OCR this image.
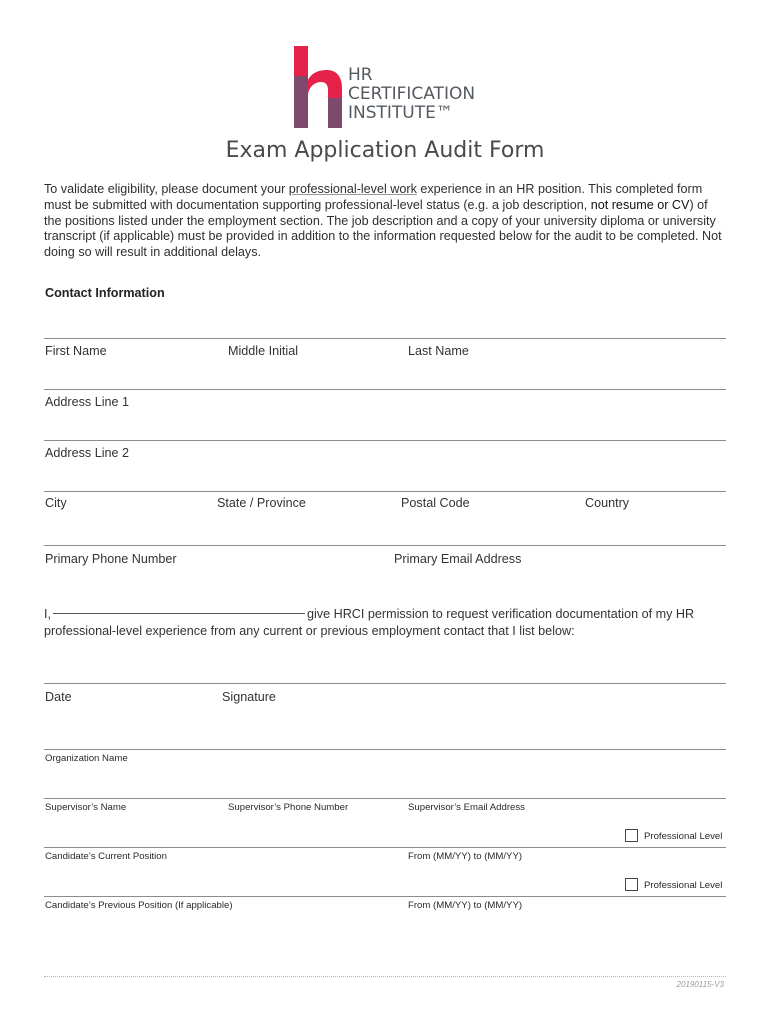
HR
CERTIFICATION
INSTITUTE™
Exam Application Audit Form
To validate eligibility, please document your professional-level work experience in an HR position. This completed form must be submitted with documentation supporting professional-level status (e.g. a job description, not resume or CV) of the positions listed under the employment section. The job description and a copy of your university diploma or university transcript (if applicable) must be provided in addition to the information requested below for the audit to be completed. Not doing so will result in additional delays.
Contact Information
First Name	Middle Initial	Last Name
Address Line 1
Address Line 2
City	State / Province	Postal Code	Country
Primary Phone Number	Primary Email Address
I,	give HRCI permission to request verification documentation of my HR professional-level experience from any current or previous employment contact that I list below:
Date	Signature
Organization Name
Supervisor’s Name	Supervisor’s Phone Number	Supervisor’s Email Address
Professional Level
Candidate’s Current Position	From (MM/YY) to (MM/YY)
Professional Level
Candidate’s Previous Position (If applicable)	From (MM/YY) to (MM/YY)
20190115-V3
